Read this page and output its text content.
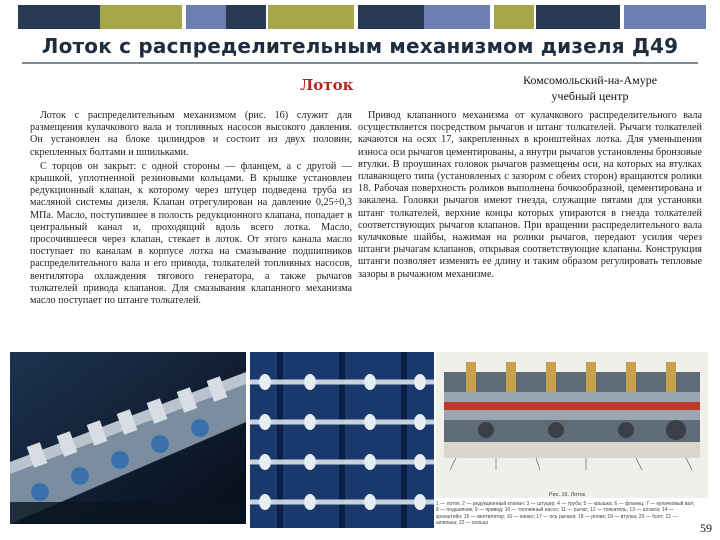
Лоток с распределительным механизмом дизеля Д49
Лоток	Комсомольский-на-Амуре учебный центр

Лоток с распределительным механизмом (рис. 16) служит для размещения кулачкового вала и топливных насосов высокого давления. Он установлен на блоке цилиндров и состоит из двух половин, скрепленных болтами и шпильками.

С торцов он закрыт: с одной стороны — фланцем, а с другой — крышкой, уплотненной резиновыми кольцами. В крышке установлен редукционный клапан, к которому через штуцер подведена труба из масляной системы дизеля. Клапан отрегулирован на давление 0,25÷0,3 МПа. Масло, поступившее в полость редукционного клапана, попадает в центральный канал и, проходящий вдоль всего лотка. Масло, просочившееся через клапан, стекает в лоток. От этого канала масло поступает по каналам в корпусе лотка на смазывание подшипников распределительного вала и его привода, толкателей топливных насосов, вентилятора охлаждения тягового генератора, а также рычагов толкателей привода клапанов. Для смазывания клапанного механизма масло поступает по штанге толкателей.

Привод клапанного механизма от кулачкового распределительного вала осуществляется посредством рычагов и штанг толкателей. Рычаги толкателей качаются на осях 17, закрепленных в кронштейнах лотка. Для уменьшения износа оси рычагов цементированы, а внутри рычагов установлены бронзовые втулки. В проушинах головок рычагов размещены оси, на которых на втулках плавающего типа (установленых с зазором с обеих сторон) вращаются ролики 18. Рабочая поверхность роликов выполнена бочкообразной, цементирована и закалена. Головки рычагов имеют гнезда, служащие пятами для установки штанг толкателей, верхние концы которых упираются в гнезда толкателей соответствующих рычагов клапанов. При вращении распределительного вала кулачковые шайбы, нажимая на ролики рычагов, передают усилия через штанги рычагам клапанов, открывая соответствующие клапаны. Конструкция штанги позволяет изменять ее длину и таким образом регулировать тепловые зазоры в рычажном механизме.

Рис. 16. Лоток
1 — лоток; 2 — редукционный клапан; 3 — штуцер; 4 — труба; 5 — крышка; 6 — фланец; 7 — кулачковый вал; 8 — подшипник; 9 — привод; 10 — топливный насос; 11 — рычаг; 12 — толкатель; 13 — штанга; 14 — кронштейн; 15 — вентилятор; 16 — канал; 17 — ось рычага; 18 — ролик; 19 — втулка; 20 — болт; 21 — шпилька; 22 — кольцо	59
